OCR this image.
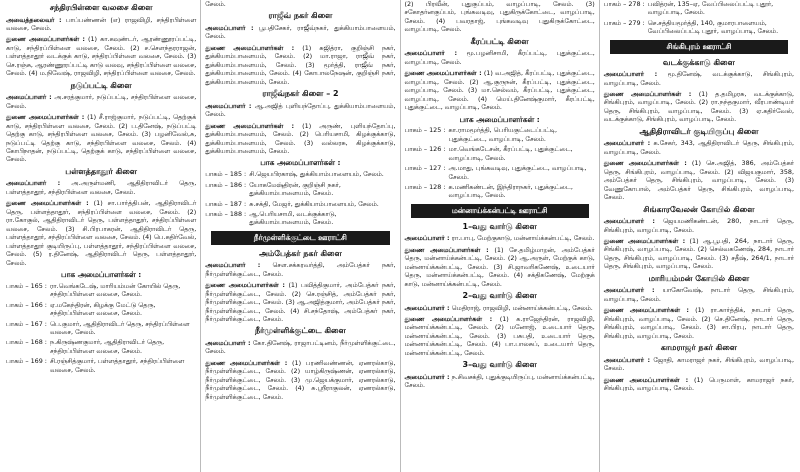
சந்திரபிள்ளை வலசை கிளை
அவைத்தலைவர் : பாப்பண்ணன் (எ) ராஜவிழி, சந்திரபிள்ளை வலசை, சேலம்.
துணை அமைப்பாளர்கள் : (1) கா.கவுண்டர், ஆரண்ணூரப்பட்டி, காடு, சந்திரப்பிள்ளை வலசை, சேலம். (2) ச.சௌந்தரராஜன், பள்ளத்தாதூர் வடக்குக் காடு, சந்திரப்பிள்ளை வலசை, சேலம். (3) செ.ரஞ்சு, ஆரண்ணூரப்பட்டி காடு வலவு, சந்திரப்பிள்ளை வலசை, சேலம். (4) ம.நிவேஷ், ராஜவிழி, சந்திரப்பிள்ளை வலசை, சேலம்.
நடுப்பட்டி கிளை
அமைப்பாளர் : அ.சரத்குமார், நடுப்பட்டி, சந்திரபிள்ளை வலசை, சேலம்.
துணை அமைப்பாளர்கள் : (1) சீ.ராஜ்குமார், நடுப்பட்டி, தெற்குக் காடு, சந்திரபிள்ளை வலசை, சேலம். (2) ப.தினேஷ், நடுப்பட்டி தெற்கு காடு, சந்திரபிள்ளை வலசை, சேலம். (3) பழனிவேல்,சு, நடுப்பட்டி தெற்கு காடு, சந்திரபிள்ளை வலசை, சேலம். (4) கோபிநாதன், நடுப்பட்டி, தெற்குக் காடு, சந்திரப்பிள்ளை வலசை, சேலம்.
பள்ளத்தாதூர் கிளை
அமைப்பாளர் : அ.அருள்மணி, ஆதிதிராவிடர் தெரு, பள்ளத்தாதூர், சந்திரபிள்ளை வலசை, சேலம்.
துணை அமைப்பாளர்கள் : (1) சா.பார்த்திபன், ஆதிதிராவிடர் தெரு, பள்ளத்தாதூர், சந்திரப்பிள்ளை வலசை, சேலம். (2) ரா.கோகுல், ஆதிதிராவிடர் தெரு, பள்ளத்தாதூர், சந்திரப்பிள்ளை வலசை, சேலம். (3) சி.பிரபாகரன், ஆதிதிராவிடர் தெரு, பள்ளத்தாதூர், சந்திரப்பிள்ளை வலசை, சேலம். (4) பெ.கதிர்வேல், பள்ளத்தாதூர் குடியிருப்பு, பள்ளத்தாதூர், சந்திரப்பிள்ளை வலசை, சேலம். (5) ர.தினேஷ், ஆதிதிராவிடர் தெரு, பள்ளத்தாதூர், சேலம்.
பாக அமைப்பாளர்கள் :
பாகம் – 165 : ரா.வெங்கடேஷ், மாரியம்மன் கோயில் தெரு, சந்திரப்பிள்ளை வலசை, சேலம்.
பாகம் – 166 : ஏ.மகேந்திரன், கிழக்கு மேட்டு தெரு, சந்திரப்பிள்ளை வலசை, சேலம்.
பாகம் – 167 : பெ.குமார், ஆதிதிராவிடர் தெரு, சந்திரப்பிள்ளை வலசை, சேலம்.
பாகம் – 168 : ந.கிருஷ்ணகுமார், ஆதிதிராவிடர் தெரு, சந்திரப்பிள்ளை வலசை, சேலம்.
பாகம் – 169 : சி.ரஞ்சித்குமார், பள்ளத்தாதூர், சந்திரப்பிள்ளை வலசை, சேலம்.
சேலம்.
ராஜீவ் நகர் கிளை
அமைப்பாளர் : பூபதிசேகர், ராஜீவ்நகர், துக்கியாம்பாளையம், சேலம்.
துணை அமைப்பாளர்கள் : (1) சுஜித்ரா, குறிஞ்சி நகர், துக்கியாம்பாளையம், சேலம். (2) மா.ராஜா, ராஜீவ் நகர், துக்கியாம்பாளையம், சேலம். (3) மூர்த்தி, ராஜீவ் நகர், துக்கியாம்பாளையம், சேலம். (4) கோபாலநேஷன், குறிஞ்சி நகர், துக்கியாம்பாளையம், சேலம்.
ராஜீவ்நகர் கிளை – 2
அமைப்பாளர் : ஆ.அஜித் புளியந்தோப்பு, துக்கியாம்பாளையம், சேலம்.
துணை அமைப்பாளர்கள் : (1) அருண், புளியந்தோப்பு, துக்கியாம்பாளையம், சேலம். (2) பெரியசாமி, கிழக்குக்காடு, துக்கியாம்பாளையம், சேலம். (3) வல்லரசு, கிழக்குக்காடு, துக்கியாம்பாளையம், சேலம்.
பாக அமைப்பாளர்கள் :
பாகம் – 185 : சி.ஜெயபிரகாஷ், துக்கியாம்பாளையம், சேலம்.
பாகம் – 186 : யோகமேஷ்திரன், குறிஞ்சி நகர், துக்கியாம்பாளையம், சேலம்.
பாகம் – 187 : சு.சக்தி, மேஜர், துக்கியாம்பாளையம், சேலம்.
பாகம் – 188 : ஆ.பெரியசாமி, வடக்குக்காடு, துக்கியாம்பாளையம், சேலம்.
நீர்முள்ளிக்குட்டை ஊராட்சி
அம்பேத்கர் நகர் கிளை
அமைப்பாளர் : செள.சக்கரவர்த்தி, அம்பேத்கர் நகர், நீர்முள்ளிக்குட்டை, சேலம்.
துணை அமைப்பாளர்கள் : (1) பவித்திகுமார், அம்பேத்கர் நகர், நீர்முள்ளிக்குட்டை, சேலம். (2) செ.ரஞ்சித், அம்பேத்கர் நகர், நீர்முள்ளிக்குட்டை, சேலம். (3) ஆ.அஜித்குமார், அம்பேத்கர் நகர், நீர்முள்ளிக்குட்டை, சேலம். (4) சி.சந்தோஷ், அம்பேத்கர் நகர், நீர்முள்ளிக்குட்டை, சேலம்.
நீர்முள்ளிக்குட்டை கிளை
அமைப்பாளர் : கோ.தினேஷ், ராஜாபட்டினம், நீர்முள்ளிக்குட்டை, சேலம்.
துணை அமைப்பாளர்கள் : (1) பரணிவண்ணன், ஏணரல்காடு, நீர்முள்ளிக்குட்டை, சேலம். (2) யாழ்கிருஷ்ணன், ஏணரல்காடு, நீர்முள்ளிக்குட்டை, சேலம். (3) மு.ஜெயக்குமார், ஏணரல்காடு, நீர்முள்ளிக்குட்டை, சேலம். (4) சு.ஸ்ரீராகுலன், ஏணரல்காடு, நீர்முள்ளிக்குட்டை, சேலம்.
(2) பிரவீன், புதுகுப்பம், வாழப்பாடி, சேலம். (3) சகோதர்னகுப்பம், புங்கவடிவு, புதுகிருக்கோட்டை, வாழப்பாடி, சேலம். (4) பவரதாஜ், புங்கவடிவு புதுகிருக்கோட்டை, வாழப்பாடி, சேலம்.
கீரப்பட்டி கிளை
அமைப்பாளர் : மூ.பழனிசாமி, கீரப்பட்டி, புதுக்குட்டை, வாழப்பாடி, சேலம்.
துணை அமைப்பாளர்கள் : (1) வ.அஜித், கீரப்பட்டி, புதுக்குட்டை, வாழப்பாடி, சேலம். (2) ஆ.குருநன், கீரப்பட்டி, புதுக்குட்டை, வாழப்பாடி, சேலம். (3) மா.செல்வம், கீரப்பட்டி, புதுக்குட்டை, வாழப்பாடி, சேலம். (4) மெய்.தினேஷ்குமார், கீரப்பட்டி, புதுக்குட்டை, வாழப்பாடி, சேலம்.
பாக அமைப்பாளர்கள் :
பாகம் – 125 : கா.ராமமூர்த்தி, பெரியகுட்டைப்பட்டி, புதுக்குட்டை, வாழப்பாடி, சேலம்.
பாகம் – 126 : மா.வெங்கடேசன், கீரப்பட்டி, புதுக்குட்டை, வாழப்பாடி, சேலம்.
பாகம் – 127 : அ.மாது, புங்கவடிவு, புதுக்குட்டை, வாழப்பாடி, சேலம்.
பாகம் – 128 : க.மணிகண்டன், இந்திராநகர், புதுக்குட்டை, வாழப்பாடி, சேலம்.
மன்னாய்க்கன்பட்டி ஊராட்சி
1–வது வார்டு கிளை
அமைப்பாளர் : ரா.பாபு, மேற்குகாடு, மன்னாய்க்கன்பட்டி, சேலம்.
துணை அமைப்பாளர்கள் : (1) சே.தமிழ்மாறன், அம்பேத்கர் தெரு, மன்னாய்க்கன்பட்டி, சேலம். (2) ஆ.அருள், மேற்குக் காடு, மன்னாய்க்கன்பட்டி, சேலம். (3) சி.ஜாவரிகணேஷ், உடையார் தெரு, மன்னாய்க்கன்பட்டி, சேலம். (4) சக்திகணேஷ், மேற்குக் காடு, மன்னாய்க்கன்பட்டி, சேலம்.
2–வது வார்டு கிளை
அமைப்பாளர் : மெதிராஜ், ராஜவிழி, மன்னாய்க்கன்பட்டி, சேலம்.
துணை அமைப்பாளர்கள் : (1) க.ராஜேந்திரன், ராஜவிழி, மன்னாய்க்கன்பட்டி, சேலம். (2) மனோஜ், உடையார் தெரு, மன்னாய்க்கன்பட்டி, சேலம். (3) பசுபதி, உடையார் தெரு, மன்னாய்க்கன்பட்டி, சேலம். (4) பா.பாலசுப், உடையார் தெரு, மன்னாய்க்கன்பட்டி, சேலம்.
3–வது வார்டு கிளை
அமைப்பாளர் : ந.சிவசக்தி, புதுக்குடியிருப்பு, மன்னாய்க்கன்பட்டி, சேலம்.
பாகம் – 278 : பவித்ரன், 135–ஏ, வேப்பிலைப்பட்டி புதூர், வாழப்பாடி, சேலம்.
பாகம் – 279 : செ.சத்தியமூர்த்தி, 140, குமாரபாளையம், வேப்பிலைப்பட்டி புதூர், வாழப்பாடி, சேலம்.
சிங்கிபுரம் ஊராட்சி
வடக்குக்காடு கிளை
அமைப்பாளர் : மூ.தினேஷ், வடக்குக்காடு, சிங்கிபுரம், வாழப்பாடி, சேலம்.
துணை அமைப்பாளர்கள் : (1) த.தமிழரசு, வடக்குக்காடு, சிங்கிபுரம், வாழப்பாடி, சேலம். (2) ரா.நந்தகுமார், வீரபாண்டியர் தெரு, சிங்கிபுரம், வாழப்பாடி, சேலம். (3) ஏ.கதிர்வேல், வடக்குக்காடு, சிங்கிபுரம், வாழப்பாடி, சேலம்.
ஆதிதிராவிடர் குடியிருப்பு கிளை
அமைப்பாளர் : க.சேகர், 343, ஆதிதிராவிடர் தெரு, சிங்கிபுரம், வாழப்பாடி, சேலம்.
துணை அமைப்பாளர்கள் : (1) செ.அஜித், 386, அம்பேத்கர் தெரு, சிங்கிபுரம், வாழப்பாடி, சேலம். (2) விஜயகுமார், 358, அம்பேத்கர் தெரு, சிங்கிபுரம், வாழப்பாடி, சேலம். (3) வேணுகோபால், அம்பேத்கர் தெரு, சிங்கிபுரம், வாழப்பாடி, சேலம்.
சிங்காரவேலன் கோயில் கிளை
அமைப்பாளர் : ஜெயமணிகண்டன், 280, நாடார் தெரு, சிங்கிபுரம், வாழப்பாடி, சேலம்.
துணை அமைப்பாளர்கள் : (1) ஆ.பூபதி, 264, நாடார் தெரு, சிங்கிபுரம், வாழப்பாடி, சேலம். (2) செல்வகணேஷ், 284, நாடார் தெரு, சிங்கிபுரம், வாழப்பாடி, சேலம். (3) சதீஷ், 264/1, நாடார் தெரு, சிங்கிபுரம், வாழப்பாடி, சேலம்.
மாரியம்மன் கோயில் கிளை
அமைப்பாளர் : யாகோவேஷ், நாடார் தெரு, சிங்கிபுரம், வாழப்பாடி, சேலம்.
துணை அமைப்பாளர்கள் : (1) ரா.கார்த்திக், நாடார் தெரு, சிங்கிபுரம், வாழப்பாடி, சேலம். (2) செ.தினேஷ், நாடார் தெரு, சிங்கிபுரம், வாழப்பாடி, சேலம். (3) சா.பிரபு, நாடார் தெரு, சிங்கிபுரம், வாழப்பாடி, சேலம்.
காமராஜர் நகர் கிளை
அமைப்பாளர் : ஜோதி, காமராஜர் நகர், சிங்கிபுரம், வாழப்பாடி, சேலம்.
துணை அமைப்பாளர்கள் : (1) பெருமாள், காமராஜர் நகர், சிங்கிபுரம், வாழப்பாடி, சேலம்.
